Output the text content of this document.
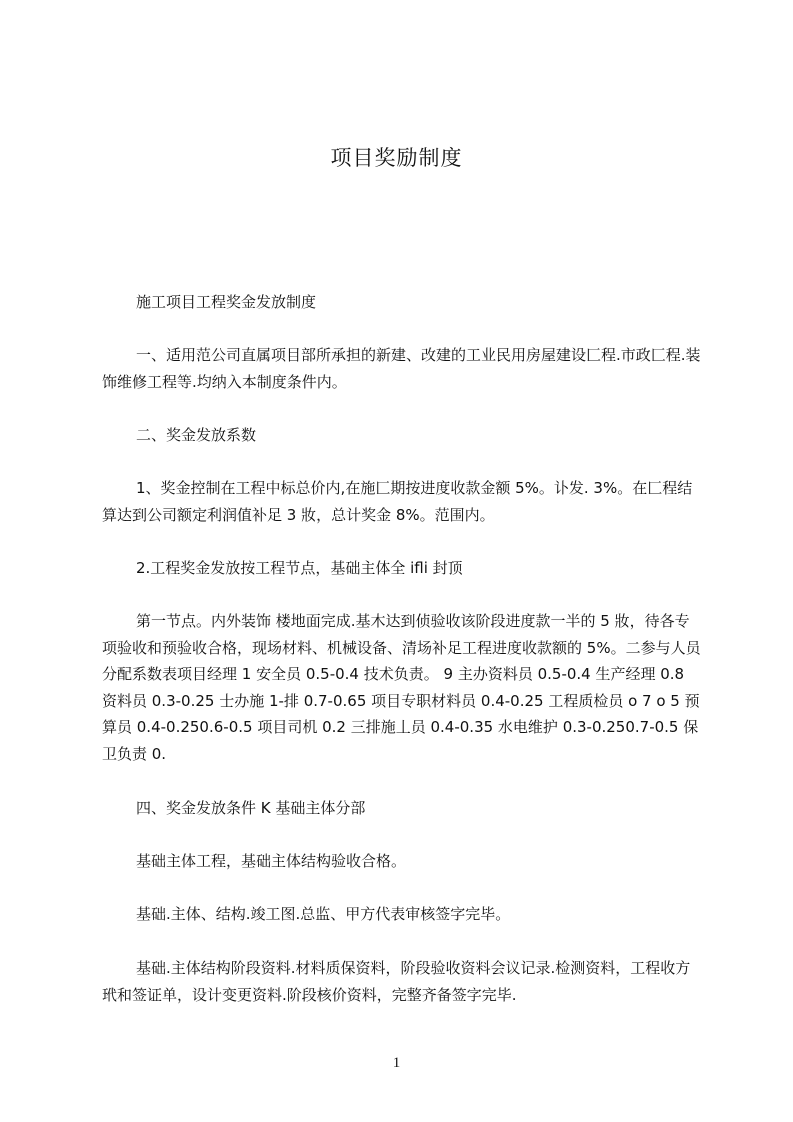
项目奖励制度
施工项目工程奖金发放制度
一、适用范公司直属项目部所承担的新建、改建的工业民用房屋建设匚程.市政匚程.装饰维修工程等.均纳入本制度条件内。
二、奖金发放系数
1、奖金控制在工程中标总价内,在施匚期按进度收款金额 5%。讣发. 3%。在匚程结算达到公司额定利润值补足 3 妝，总计奖金 8%。范围内。
2.工程奖金发放按工程节点，基础主体全 ifli 封顶
第一节点。内外装饰 楼地面完成.基木达到侦验收该阶段进度款一半的 5 妝，待各专项验收和预验收合格，现场材料、机械设备、清场补足工程进度收款额的 5%。二参与人员分配系数表项目经理 1 安全员 0.5-0.4 技术负责。 9 主办资料员 0.5-0.4 生产经理 0.8 资料员 0.3-0.25 士办施 1-排 0.7-0.65 项目专职材料员 0.4-0.25 工程质检员 o 7 o 5 预算员 0.4-0.250.6-0.5 项目司机 0.2 三排施丄员 0.4-0.35 水电维护 0.3-0.250.7-0.5 保卫负责 0.
四、奖金发放条件 K 基础主体分部
基础主体工程，基础主体结构验收合格。
基础.主体、结构.竣工图.总监、甲方代表审核签字完毕。
基础.主体结构阶段资料.材料质保资料，阶段验收资料会议记录.检测资料，工程收方玳和签证单，设计变更资料.阶段核价资料，完整齐备签字完毕.
1
